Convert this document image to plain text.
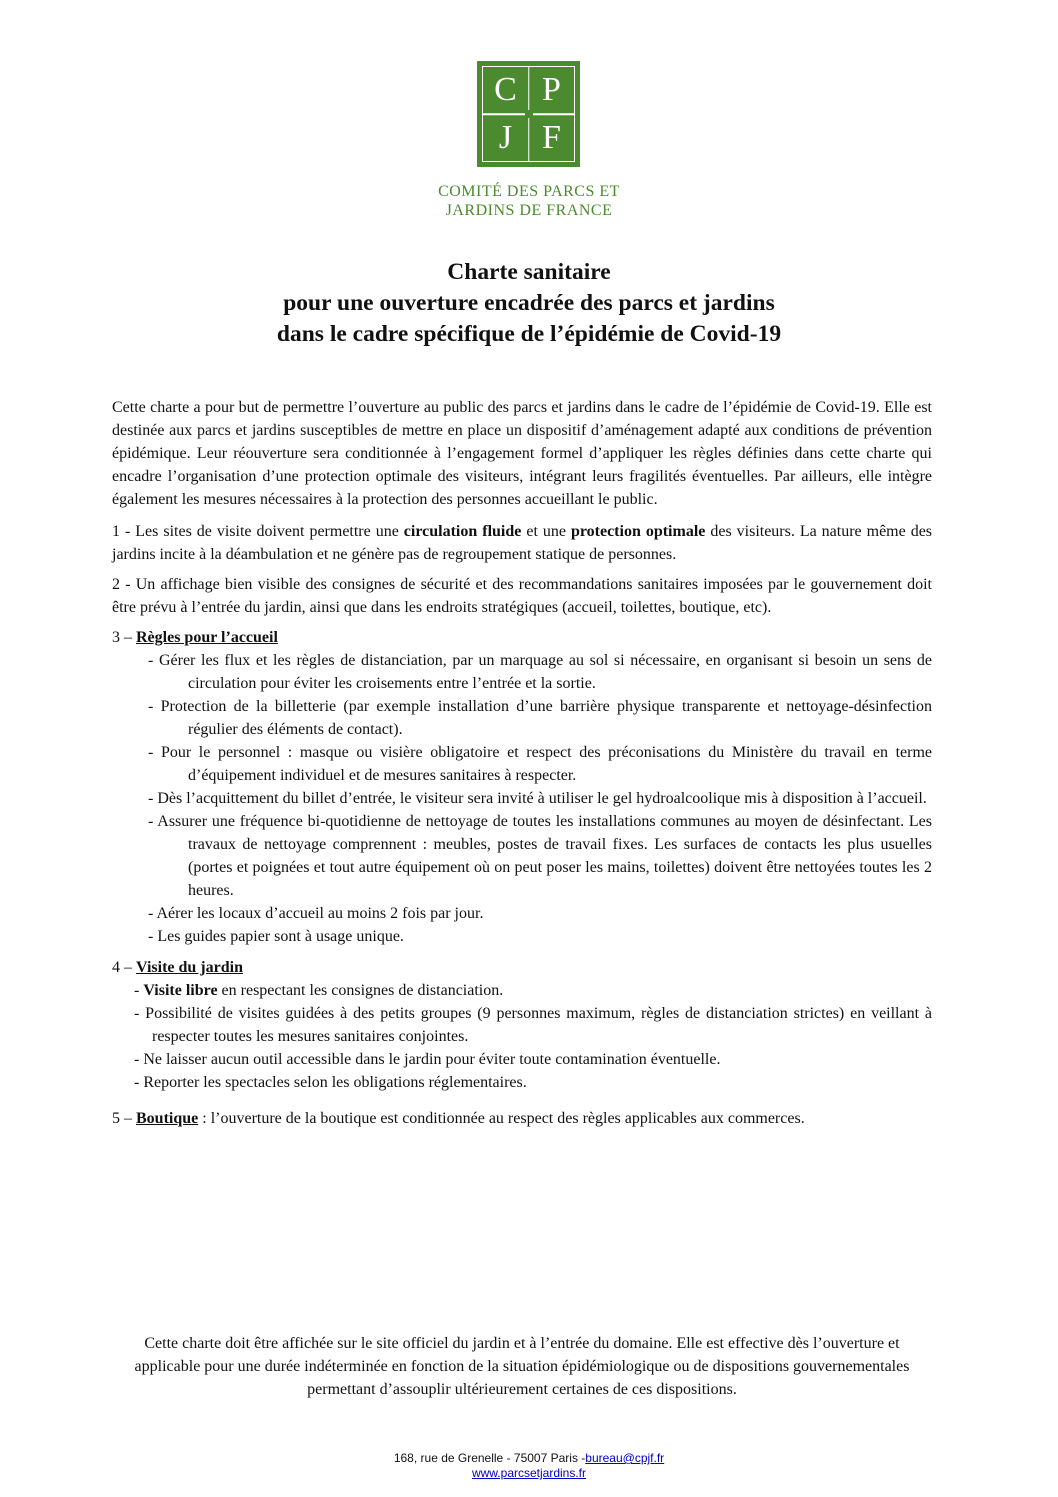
C P
J F
COMITÉ DES PARCS ET
JARDINS DE FRANCE
Charte sanitaire
pour une ouverture encadrée des parcs et jardins
dans le cadre spécifique de l’épidémie de Covid-19

Cette charte a pour but de permettre l’ouverture au public des parcs et jardins dans le cadre de l’épidémie de Covid-19. Elle est destinée aux parcs et jardins susceptibles de mettre en place un dispositif d’aménagement adapté aux conditions de prévention épidémique. Leur réouverture sera conditionnée à l’engagement formel d’appliquer les règles définies dans cette charte qui encadre l’organisation d’une protection optimale des visiteurs, intégrant leurs fragilités éventuelles. Par ailleurs, elle intègre également les mesures nécessaires à la protection des personnes accueillant le public.

1 - Les sites de visite doivent permettre une circulation fluide et une protection optimale des visiteurs. La nature même des jardins incite à la déambulation et ne génère pas de regroupement statique de personnes.

2 - Un affichage bien visible des consignes de sécurité et des recommandations sanitaires imposées par le gouvernement doit être prévu à l’entrée du jardin, ainsi que dans les endroits stratégiques (accueil, toilettes, boutique, etc).

3 – Règles pour l’accueil

- Gérer les flux et les règles de distanciation, par un marquage au sol si nécessaire, en organisant si besoin un sens de circulation pour éviter les croisements entre l’entrée et la sortie.
- Protection de la billetterie (par exemple installation d’une barrière physique transparente et nettoyage-désinfection régulier des éléments de contact).
- Pour le personnel : masque ou visière obligatoire et respect des préconisations du Ministère du travail en terme d’équipement individuel et de mesures sanitaires à respecter.
- Dès l’acquittement du billet d’entrée, le visiteur sera invité à utiliser le gel hydroalcoolique mis à disposition à l’accueil.
- Assurer une fréquence bi-quotidienne de nettoyage de toutes les installations communes au moyen de désinfectant. Les travaux de nettoyage comprennent : meubles, postes de travail fixes. Les surfaces de contacts les plus usuelles (portes et poignées et tout autre équipement où on peut poser les mains, toilettes) doivent être nettoyées toutes les 2 heures.
- Aérer les locaux d’accueil au moins 2 fois par jour.
- Les guides papier sont à usage unique.

4 – Visite du jardin

- Visite libre en respectant les consignes de distanciation.
- Possibilité de visites guidées à des petits groupes (9 personnes maximum, règles de distanciation strictes) en veillant à respecter toutes les mesures sanitaires conjointes.
- Ne laisser aucun outil accessible dans le jardin pour éviter toute contamination éventuelle.
- Reporter les spectacles selon les obligations réglementaires.

5 – Boutique : l’ouverture de la boutique est conditionnée au respect des règles applicables aux commerces.

Cette charte doit être affichée sur le site officiel du jardin et à l’entrée du domaine. Elle est effective dès l’ouverture et applicable pour une durée indéterminée en fonction de la situation épidémiologique ou de dispositions gouvernementales permettant d’assouplir ultérieurement certaines de ces dispositions.

168, rue de Grenelle - 75007 Paris -bureau@cpjf.fr
www.parcsetjardins.fr
